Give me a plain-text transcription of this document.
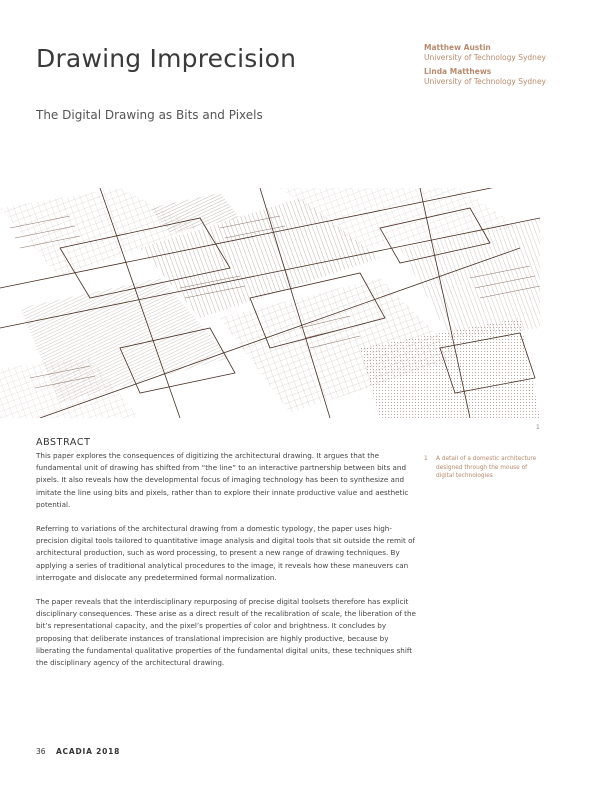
Drawing Imprecision
The Digital Drawing as Bits and Pixels
Matthew Austin
University of Technology Sydney
Linda Matthews
University of Technology Sydney
1
ABSTRACT

This paper explores the consequences of digitizing the architectural drawing. It argues that the fundamental unit of drawing has shifted from “the line” to an interactive partnership between bits and pixels. It also reveals how the developmental focus of imaging technology has been to synthesize and imitate the line using bits and pixels, rather than to explore their innate productive value and aesthetic potential.

Referring to variations of the architectural drawing from a domestic typology, the paper uses high-precision digital tools tailored to quantitative image analysis and digital tools that sit outside the remit of architectural production, such as word processing, to present a new range of drawing techniques. By applying a series of traditional analytical procedures to the image, it reveals how these maneuvers can interrogate and dislocate any predetermined formal normalization.

The paper reveals that the interdisciplinary repurposing of precise digital toolsets therefore has explicit disciplinary consequences. These arise as a direct result of the recalibration of scale, the liberation of the bit’s representational capacity, and the pixel’s properties of color and brightness. It concludes by proposing that deliberate instances of translational imprecision are highly productive, because by liberating the fundamental qualitative properties of the fundamental digital units, these techniques shift the disciplinary agency of the architectural drawing.

1 A detail of a domestic architecture designed through the mouse of digital technologies
36 ACADIA 2018
